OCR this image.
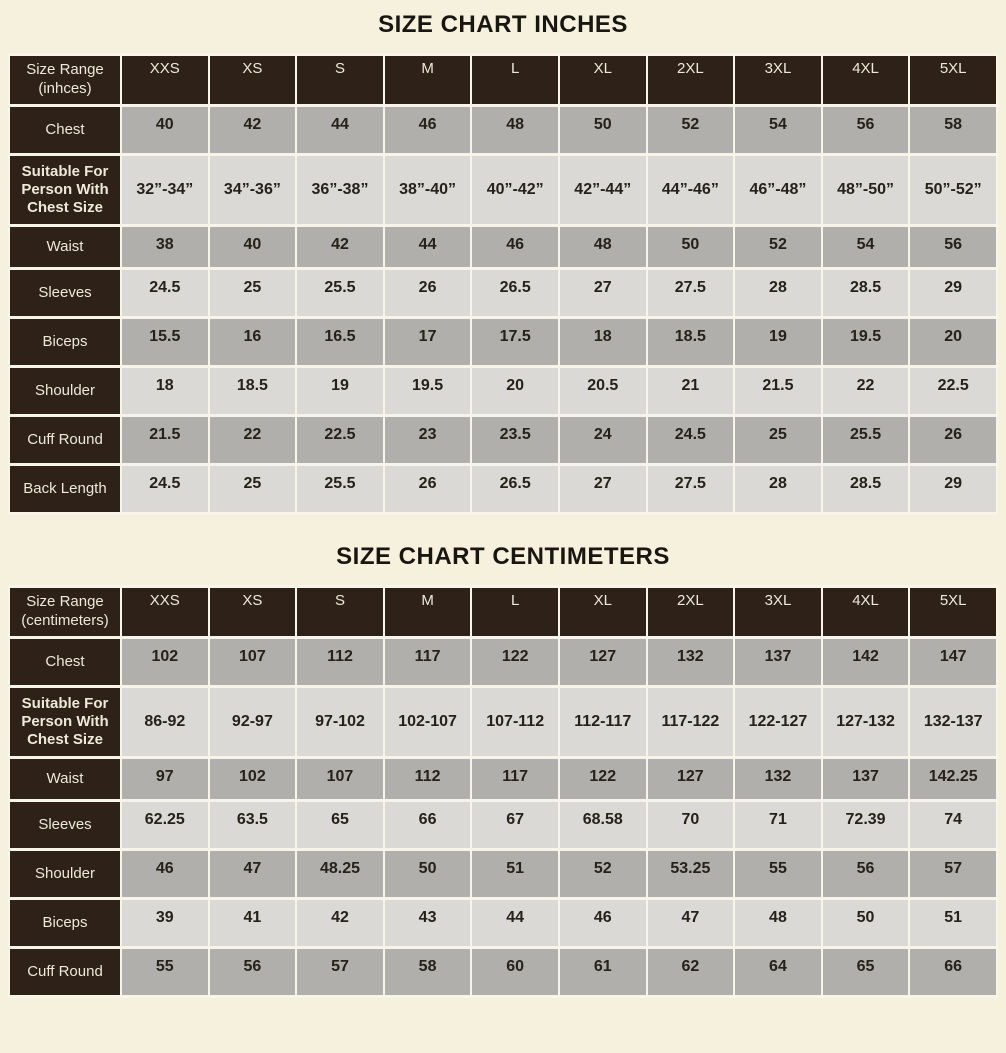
SIZE CHART INCHES
Size Range
(inhces)	XXS	XS	S	M	L	XL	2XL	3XL	4XL	5XL
Chest	40	42	44	46	48	50	52	54	56	58
Suitable For Person With Chest Size	32”-34”	34”-36”	36”-38”	38”-40”	40”-42”	42”-44”	44”-46”	46”-48”	48”-50”	50”-52”
Waist	38	40	42	44	46	48	50	52	54	56
Sleeves	24.5	25	25.5	26	26.5	27	27.5	28	28.5	29
Biceps	15.5	16	16.5	17	17.5	18	18.5	19	19.5	20
Shoulder	18	18.5	19	19.5	20	20.5	21	21.5	22	22.5
Cuff Round	21.5	22	22.5	23	23.5	24	24.5	25	25.5	26
Back Length	24.5	25	25.5	26	26.5	27	27.5	28	28.5	29
SIZE CHART CENTIMETERS
Size Range
(centimeters)	XXS	XS	S	M	L	XL	2XL	3XL	4XL	5XL
Chest	102	107	112	117	122	127	132	137	142	147
Suitable For Person With Chest Size	86-92	92-97	97-102	102-107	107-112	112-117	117-122	122-127	127-132	132-137
Waist	97	102	107	112	117	122	127	132	137	142.25
Sleeves	62.25	63.5	65	66	67	68.58	70	71	72.39	74
Shoulder	46	47	48.25	50	51	52	53.25	55	56	57
Biceps	39	41	42	43	44	46	47	48	50	51
Cuff Round	55	56	57	58	60	61	62	64	65	66
